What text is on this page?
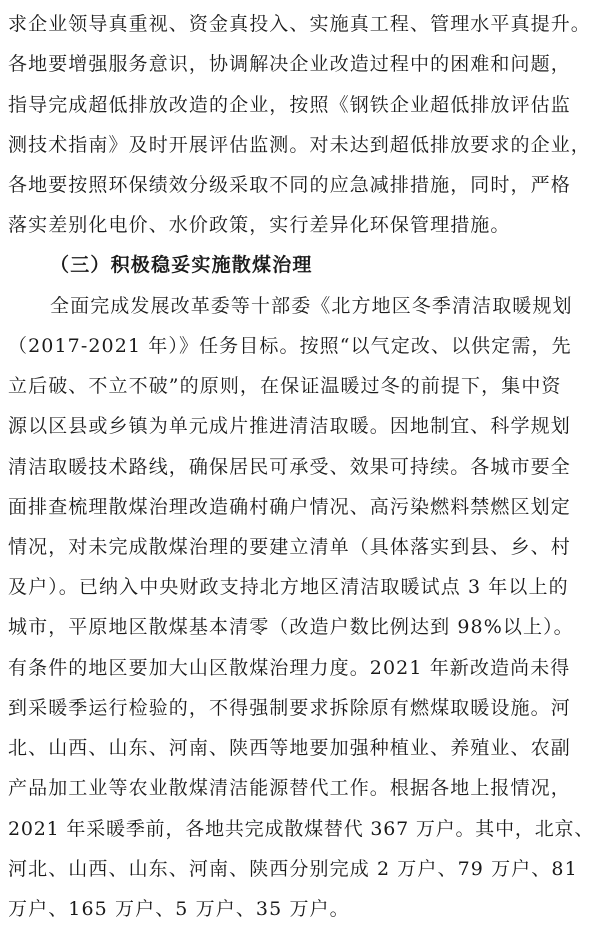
求企业领导真重视、资金真投入、实施真工程、管理水平真提升。
各地要增强服务意识，协调解决企业改造过程中的困难和问题，
指导完成超低排放改造的企业，按照《钢铁企业超低排放评估监
测技术指南》及时开展评估监测。对未达到超低排放要求的企业，
各地要按照环保绩效分级采取不同的应急减排措施，同时，严格
落实差别化电价、水价政策，实行差异化环保管理措施。
（三）积极稳妥实施散煤治理
全面完成发展改革委等十部委《北方地区冬季清洁取暖规划
（2017-2021 年）》任务目标。按照“以气定改、以供定需，先
立后破、不立不破”的原则，在保证温暖过冬的前提下，集中资
源以区县或乡镇为单元成片推进清洁取暖。因地制宜、科学规划
清洁取暖技术路线，确保居民可承受、效果可持续。各城市要全
面排查梳理散煤治理改造确村确户情况、高污染燃料禁燃区划定
情况，对未完成散煤治理的要建立清单（具体落实到县、乡、村
及户）。已纳入中央财政支持北方地区清洁取暖试点 3 年以上的
城市，平原地区散煤基本清零（改造户数比例达到 98%以上）。
有条件的地区要加大山区散煤治理力度。2021 年新改造尚未得
到采暖季运行检验的，不得强制要求拆除原有燃煤取暖设施。河
北、山西、山东、河南、陕西等地要加强种植业、养殖业、农副
产品加工业等农业散煤清洁能源替代工作。根据各地上报情况，
2021 年采暖季前，各地共完成散煤替代 367 万户。其中，北京、
河北、山西、山东、河南、陕西分别完成 2 万户、79 万户、81
万户、165 万户、5 万户、35 万户。
